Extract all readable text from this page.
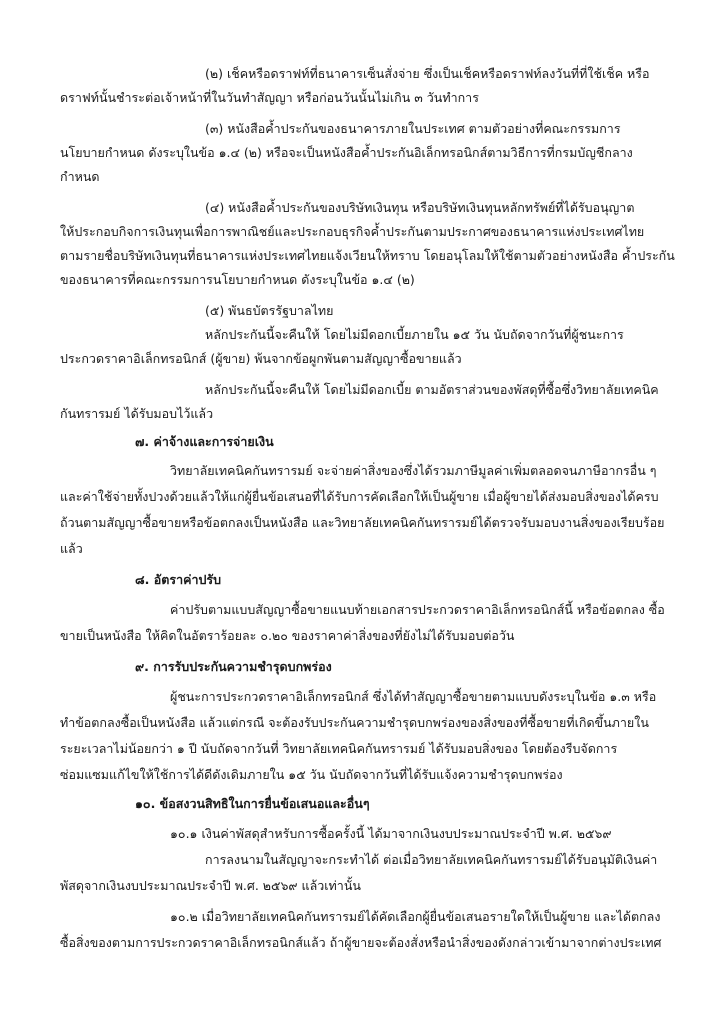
(๒) เช็คหรือดราฟท์ที่ธนาคารเซ็นสั่งจ่าย ซึ่งเป็นเช็คหรือดราฟท์ลงวันที่ที่ใช้เช็ค หรือ
ดราฟท์นั้นชำระต่อเจ้าหน้าที่ในวันทำสัญญา หรือก่อนวันนั้นไม่เกิน ๓ วันทำการ
(๓) หนังสือค้ำประกันของธนาคารภายในประเทศ ตามตัวอย่างที่คณะกรรมการ
นโยบายกำหนด ดังระบุในข้อ ๑.๔ (๒) หรือจะเป็นหนังสือค้ำประกันอิเล็กทรอนิกส์ตามวิธีการที่กรมบัญชีกลาง
กำหนด
(๔) หนังสือค้ำประกันของบริษัทเงินทุน หรือบริษัทเงินทุนหลักทรัพย์ที่ได้รับอนุญาต
ให้ประกอบกิจการเงินทุนเพื่อการพาณิชย์และประกอบธุรกิจค้ำประกันตามประกาศของธนาคารแห่งประเทศไทย
ตามรายชื่อบริษัทเงินทุนที่ธนาคารแห่งประเทศไทยแจ้งเวียนให้ทราบ โดยอนุโลมให้ใช้ตามตัวอย่างหนังสือ ค้ำประกัน
ของธนาคารที่คณะกรรมการนโยบายกำหนด ดังระบุในข้อ ๑.๔ (๒)
(๕) พันธบัตรรัฐบาลไทย
หลักประกันนี้จะคืนให้ โดยไม่มีดอกเบี้ยภายใน ๑๕ วัน นับถัดจากวันที่ผู้ชนะการ
ประกวดราคาอิเล็กทรอนิกส์ (ผู้ขาย) พ้นจากข้อผูกพันตามสัญญาซื้อขายแล้ว
หลักประกันนี้จะคืนให้ โดยไม่มีดอกเบี้ย ตามอัตราส่วนของพัสดุที่ซื้อซึ่งวิทยาลัยเทคนิค
กันทรารมย์ ได้รับมอบไว้แล้ว
๗. ค่าจ้างและการจ่ายเงิน
วิทยาลัยเทคนิคกันทรารมย์ จะจ่ายค่าสิ่งของซึ่งได้รวมภาษีมูลค่าเพิ่มตลอดจนภาษีอากรอื่น ๆ
และค่าใช้จ่ายทั้งปวงด้วยแล้วให้แก่ผู้ยื่นข้อเสนอที่ได้รับการคัดเลือกให้เป็นผู้ขาย เมื่อผู้ขายได้ส่งมอบสิ่งของได้ครบ
ถ้วนตามสัญญาซื้อขายหรือข้อตกลงเป็นหนังสือ และวิทยาลัยเทคนิคกันทรารมย์ได้ตรวจรับมอบงานสิ่งของเรียบร้อย
แล้ว
๘. อัตราค่าปรับ
ค่าปรับตามแบบสัญญาซื้อขายแนบท้ายเอกสารประกวดราคาอิเล็กทรอนิกส์นี้ หรือข้อตกลง ซื้อ
ขายเป็นหนังสือ ให้คิดในอัตราร้อยละ ๐.๒๐ ของราคาค่าสิ่งของที่ยังไม่ได้รับมอบต่อวัน
๙. การรับประกันความชำรุดบกพร่อง
ผู้ชนะการประกวดราคาอิเล็กทรอนิกส์ ซึ่งได้ทำสัญญาซื้อขายตามแบบดังระบุในข้อ ๑.๓ หรือ
ทำข้อตกลงซื้อเป็นหนังสือ แล้วแต่กรณี จะต้องรับประกันความชำรุดบกพร่องของสิ่งของที่ซื้อขายที่เกิดขึ้นภายใน
ระยะเวลาไม่น้อยกว่า ๑ ปี นับถัดจากวันที่ วิทยาลัยเทคนิคกันทรารมย์ ได้รับมอบสิ่งของ โดยต้องรีบจัดการ
ซ่อมแซมแก้ไขให้ใช้การได้ดีดังเดิมภายใน ๑๕ วัน นับถัดจากวันที่ได้รับแจ้งความชำรุดบกพร่อง
๑๐. ข้อสงวนสิทธิในการยื่นข้อเสนอและอื่นๆ
๑๐.๑ เงินค่าพัสดุสำหรับการซื้อครั้งนี้ ได้มาจากเงินงบประมาณประจำปี พ.ศ. ๒๕๖๙
การลงนามในสัญญาจะกระทำได้ ต่อเมื่อวิทยาลัยเทคนิคกันทรารมย์ได้รับอนุมัติเงินค่า
พัสดุจากเงินงบประมาณประจำปี พ.ศ. ๒๕๖๙ แล้วเท่านั้น
๑๐.๒ เมื่อวิทยาลัยเทคนิคกันทรารมย์ได้คัดเลือกผู้ยื่นข้อเสนอรายใดให้เป็นผู้ขาย และได้ตกลง
ซื้อสิ่งของตามการประกวดราคาอิเล็กทรอนิกส์แล้ว ถ้าผู้ขายจะต้องสั่งหรือนำสิ่งของดังกล่าวเข้ามาจากต่างประเทศ
